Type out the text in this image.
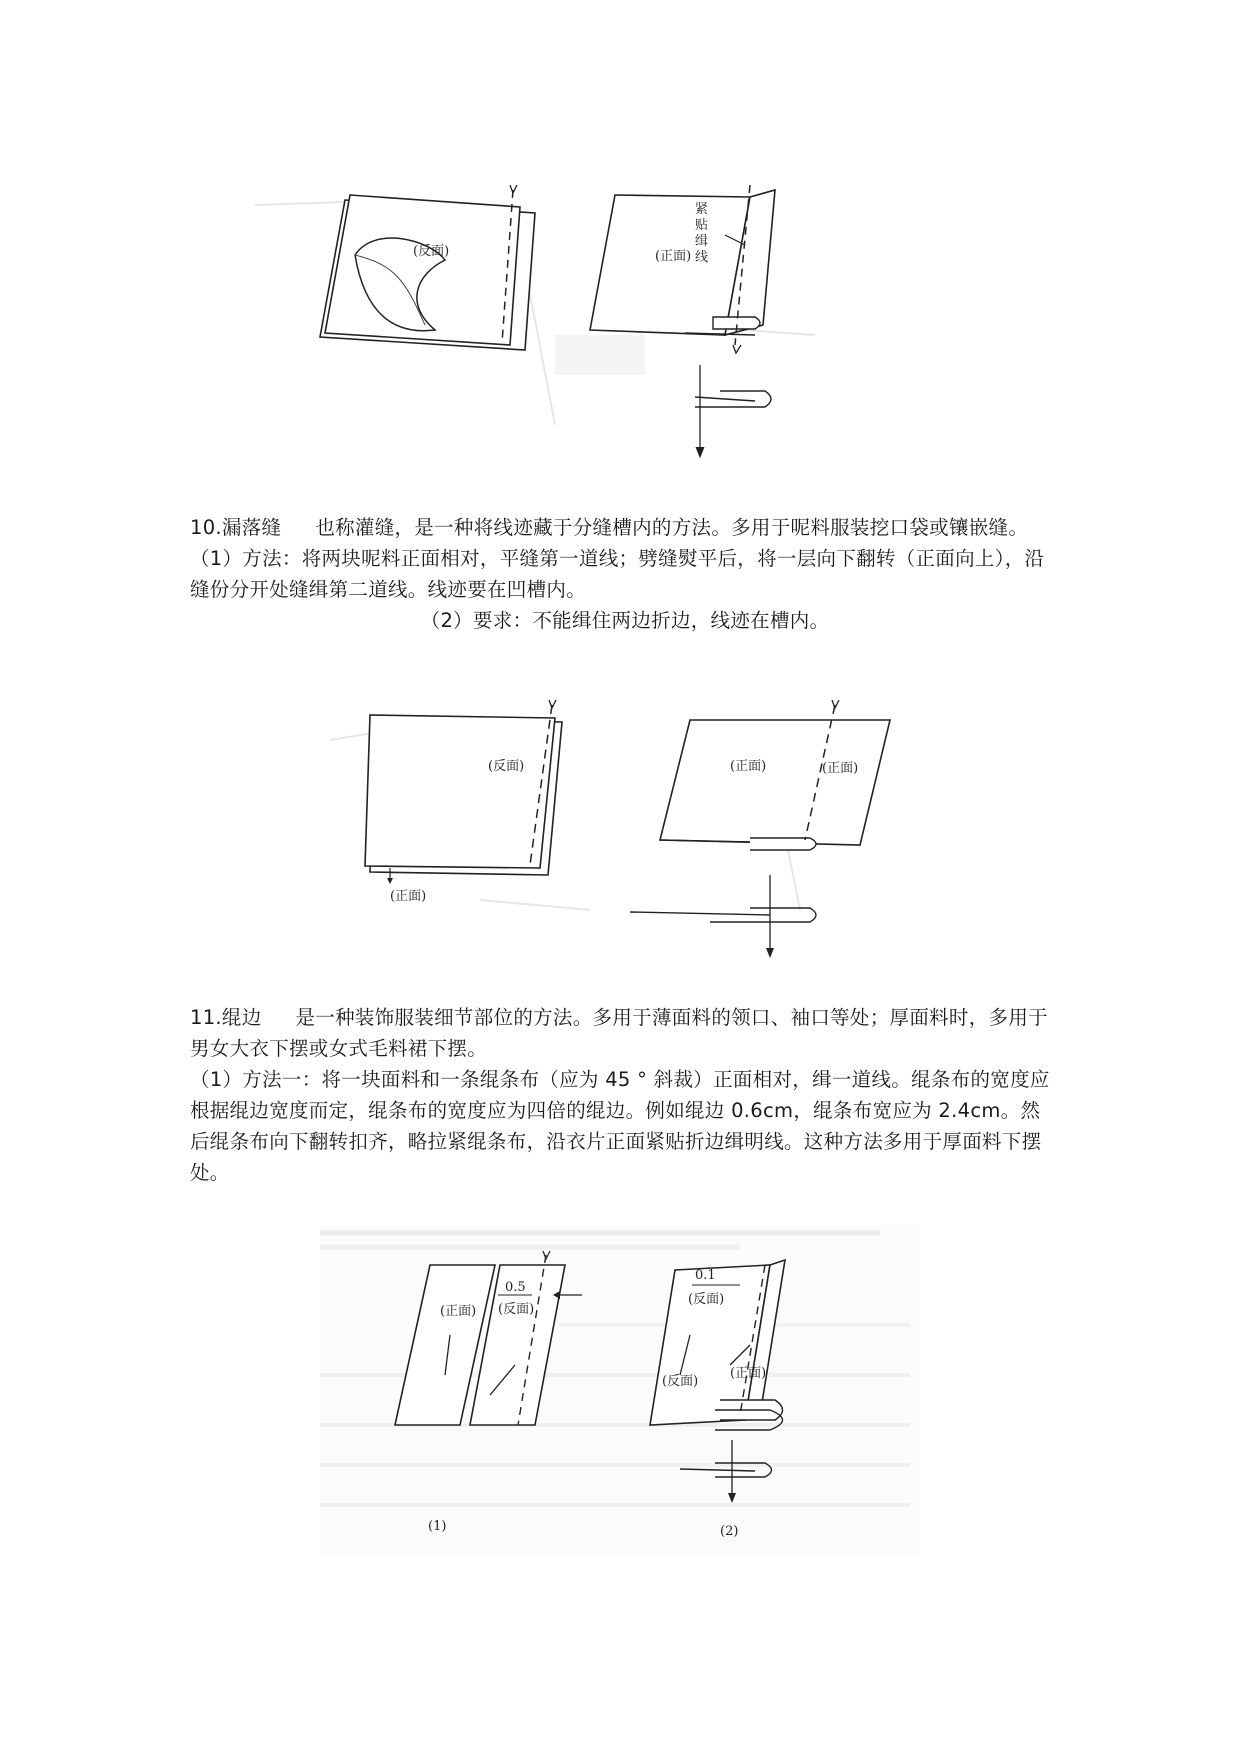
(反面)	(正面)
紧
贴
缉
线

10.漏落缝 也称灌缝，是一种将线迹藏于分缝槽内的方法。多用于呢料服装挖口袋或镶嵌缝。

（1）方法：将两块呢料正面相对，平缝第一道线；劈缝熨平后，将一层向下翻转（正面向上），沿缝份分开处缝缉第二道线。线迹要在凹槽内。

（2）要求：不能缉住两边折边，线迹在槽内。

(反面)
(正面)
(正面)	(正面)

11.绲边 是一种装饰服装细节部位的方法。多用于薄面料的领口、袖口等处；厚面料时，多用于男女大衣下摆或女式毛料裙下摆。

（1）方法一：将一块面料和一条绲条布（应为 45 ° 斜裁）正面相对，缉一道线。绲条布的宽度应根据绲边宽度而定，绲条布的宽度应为四倍的绲边。例如绲边 0.6cm，绲条布宽应为 2.4cm。然后绲条布向下翻转扣齐，略拉紧绲条布，沿衣片正面紧贴折边缉明线。这种方法多用于厚面料下摆处。

(正面)
0.5
(反面)
(1)
0.1
(反面)
(反面)
(正面)
(2)
